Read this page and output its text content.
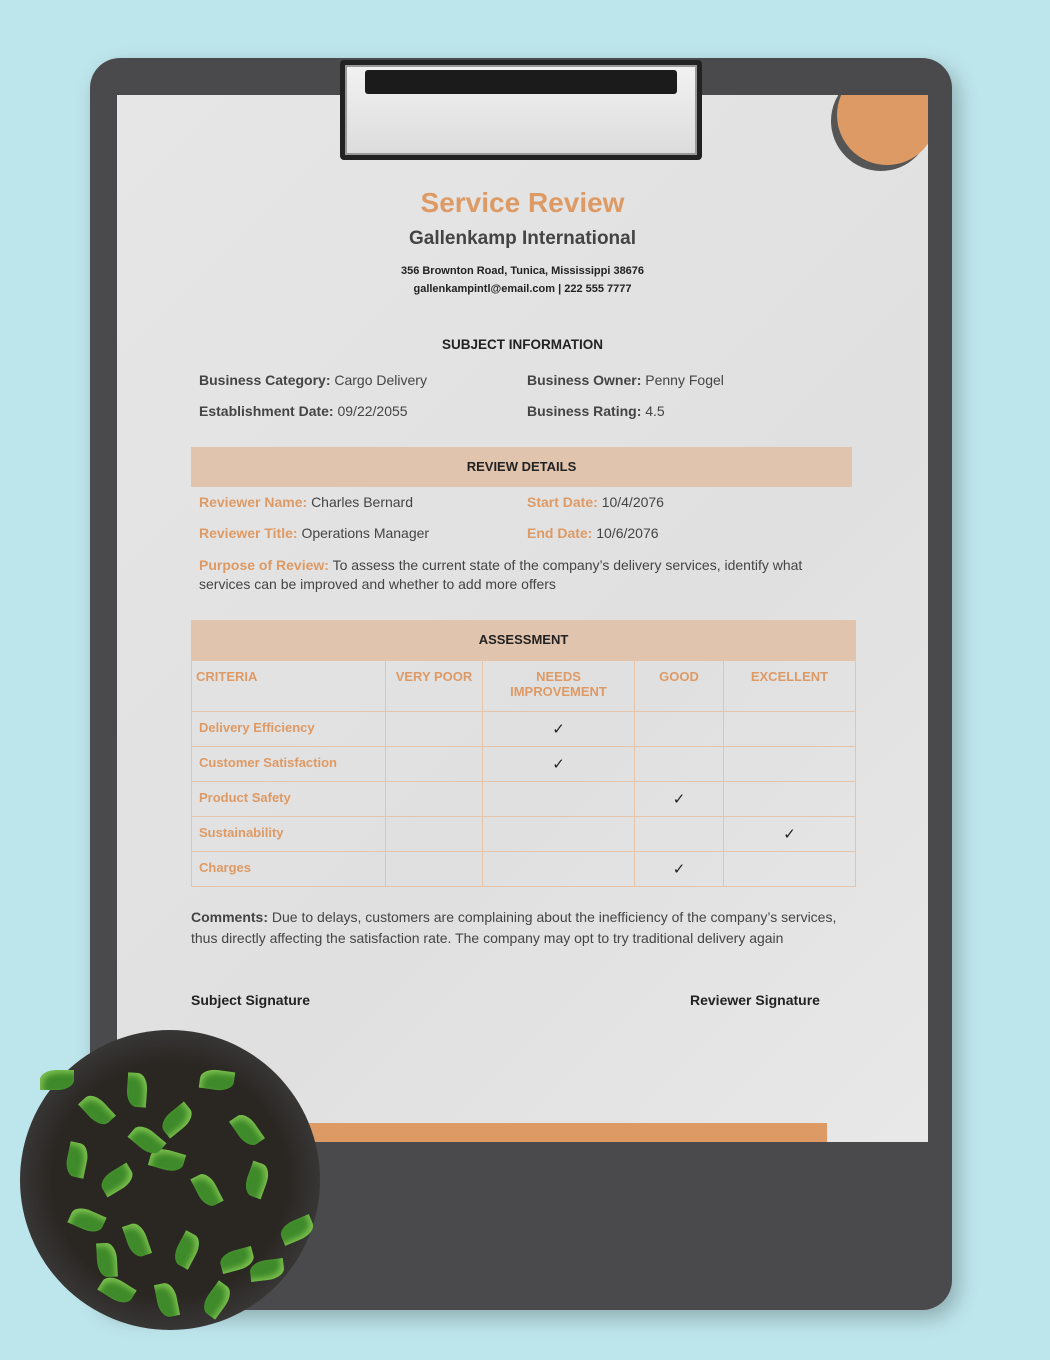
Service Review
Gallenkamp International
356 Brownton Road, Tunica, Mississippi 38676
gallenkampintl@email.com | 222 555 7777
SUBJECT INFORMATION
Business Category: Cargo Delivery	Business Owner: Penny Fogel
Establishment Date: 09/22/2055	Business Rating: 4.5
REVIEW DETAILS
Reviewer Name: Charles Bernard	Start Date: 10/4/2076
Reviewer Title: Operations Manager	End Date: 10/6/2076
Purpose of Review: To assess the current state of the company’s delivery services, identify what services can be improved and whether to add more offers
ASSESSMENT
CRITERIA	VERY POOR	NEEDS IMPROVEMENT	GOOD	EXCELLENT
Delivery Efficiency		✓		
Customer Satisfaction		✓		
Product Safety			✓	
Sustainability				✓
Charges			✓	
Comments: Due to delays, customers are complaining about the inefficiency of the company’s services, thus directly affecting the satisfaction rate. The company may opt to try traditional delivery again
Subject Signature	Reviewer Signature
